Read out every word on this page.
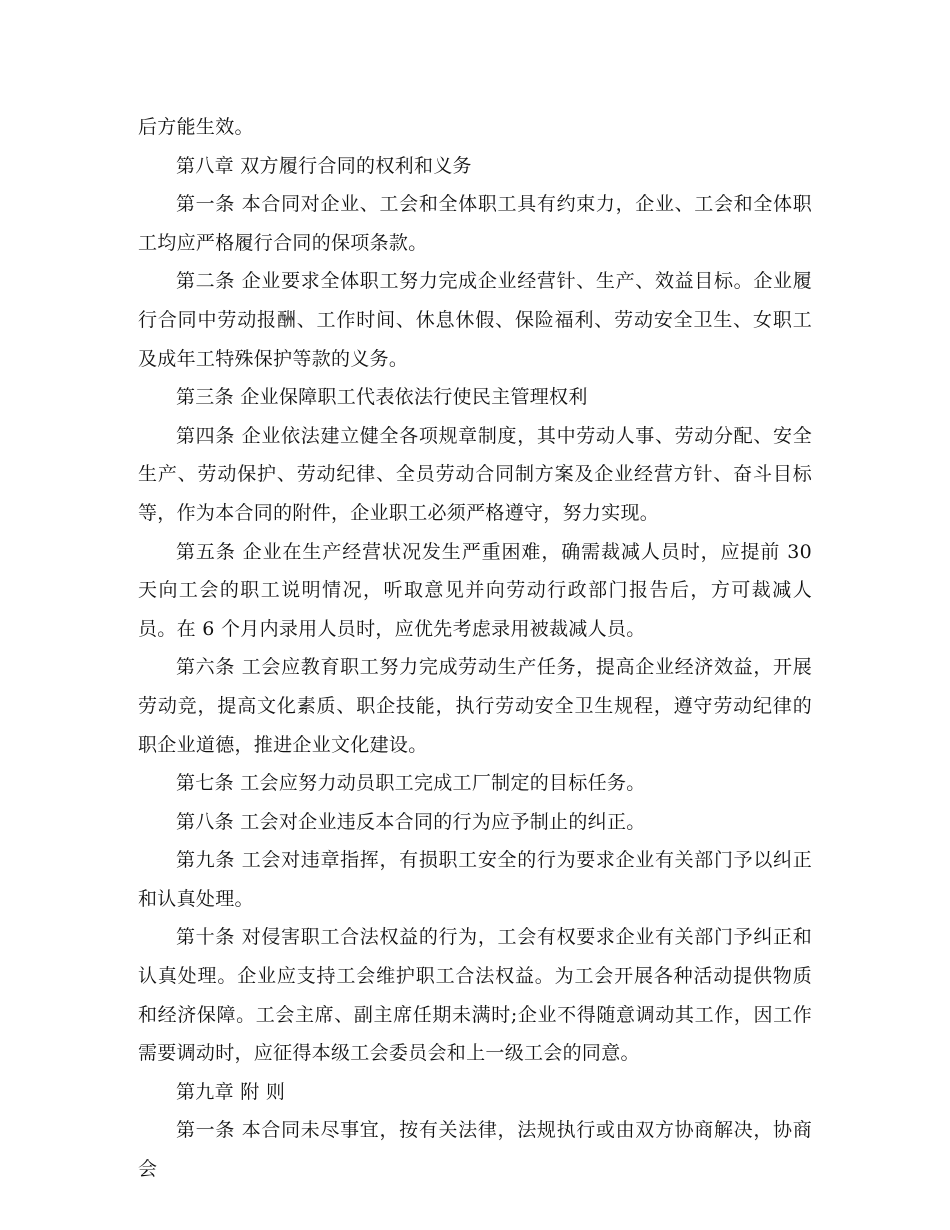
后方能生效。

第八章 双方履行合同的权利和义务

第一条 本合同对企业、工会和全体职工具有约束力，企业、工会和全体职工均应严格履行合同的保项条款。

第二条 企业要求全体职工努力完成企业经营针、生产、效益目标。企业履行合同中劳动报酬、工作时间、休息休假、保险福利、劳动安全卫生、女职工及成年工特殊保护等款的义务。

第三条 企业保障职工代表依法行使民主管理权利

第四条 企业依法建立健全各项规章制度，其中劳动人事、劳动分配、安全生产、劳动保护、劳动纪律、全员劳动合同制方案及企业经营方针、奋斗目标等，作为本合同的附件，企业职工必须严格遵守，努力实现。

第五条 企业在生产经营状况发生严重困难，确需裁减人员时，应提前 30 天向工会的职工说明情况，听取意见并向劳动行政部门报告后，方可裁减人员。在 6 个月内录用人员时，应优先考虑录用被裁减人员。

第六条 工会应教育职工努力完成劳动生产任务，提高企业经济效益，开展劳动竞，提高文化素质、职企技能，执行劳动安全卫生规程，遵守劳动纪律的职企业道德，推进企业文化建设。

第七条 工会应努力动员职工完成工厂制定的目标任务。

第八条 工会对企业违反本合同的行为应予制止的纠正。

第九条 工会对违章指挥，有损职工安全的行为要求企业有关部门予以纠正和认真处理。

第十条 对侵害职工合法权益的行为，工会有权要求企业有关部门予纠正和认真处理。企业应支持工会维护职工合法权益。为工会开展各种活动提供物质和经济保障。工会主席、副主席任期未满时;企业不得随意调动其工作，因工作需要调动时，应征得本级工会委员会和上一级工会的同意。

第九章 附 则

第一条 本合同未尽事宜，按有关法律，法规执行或由双方协商解决，协商会
